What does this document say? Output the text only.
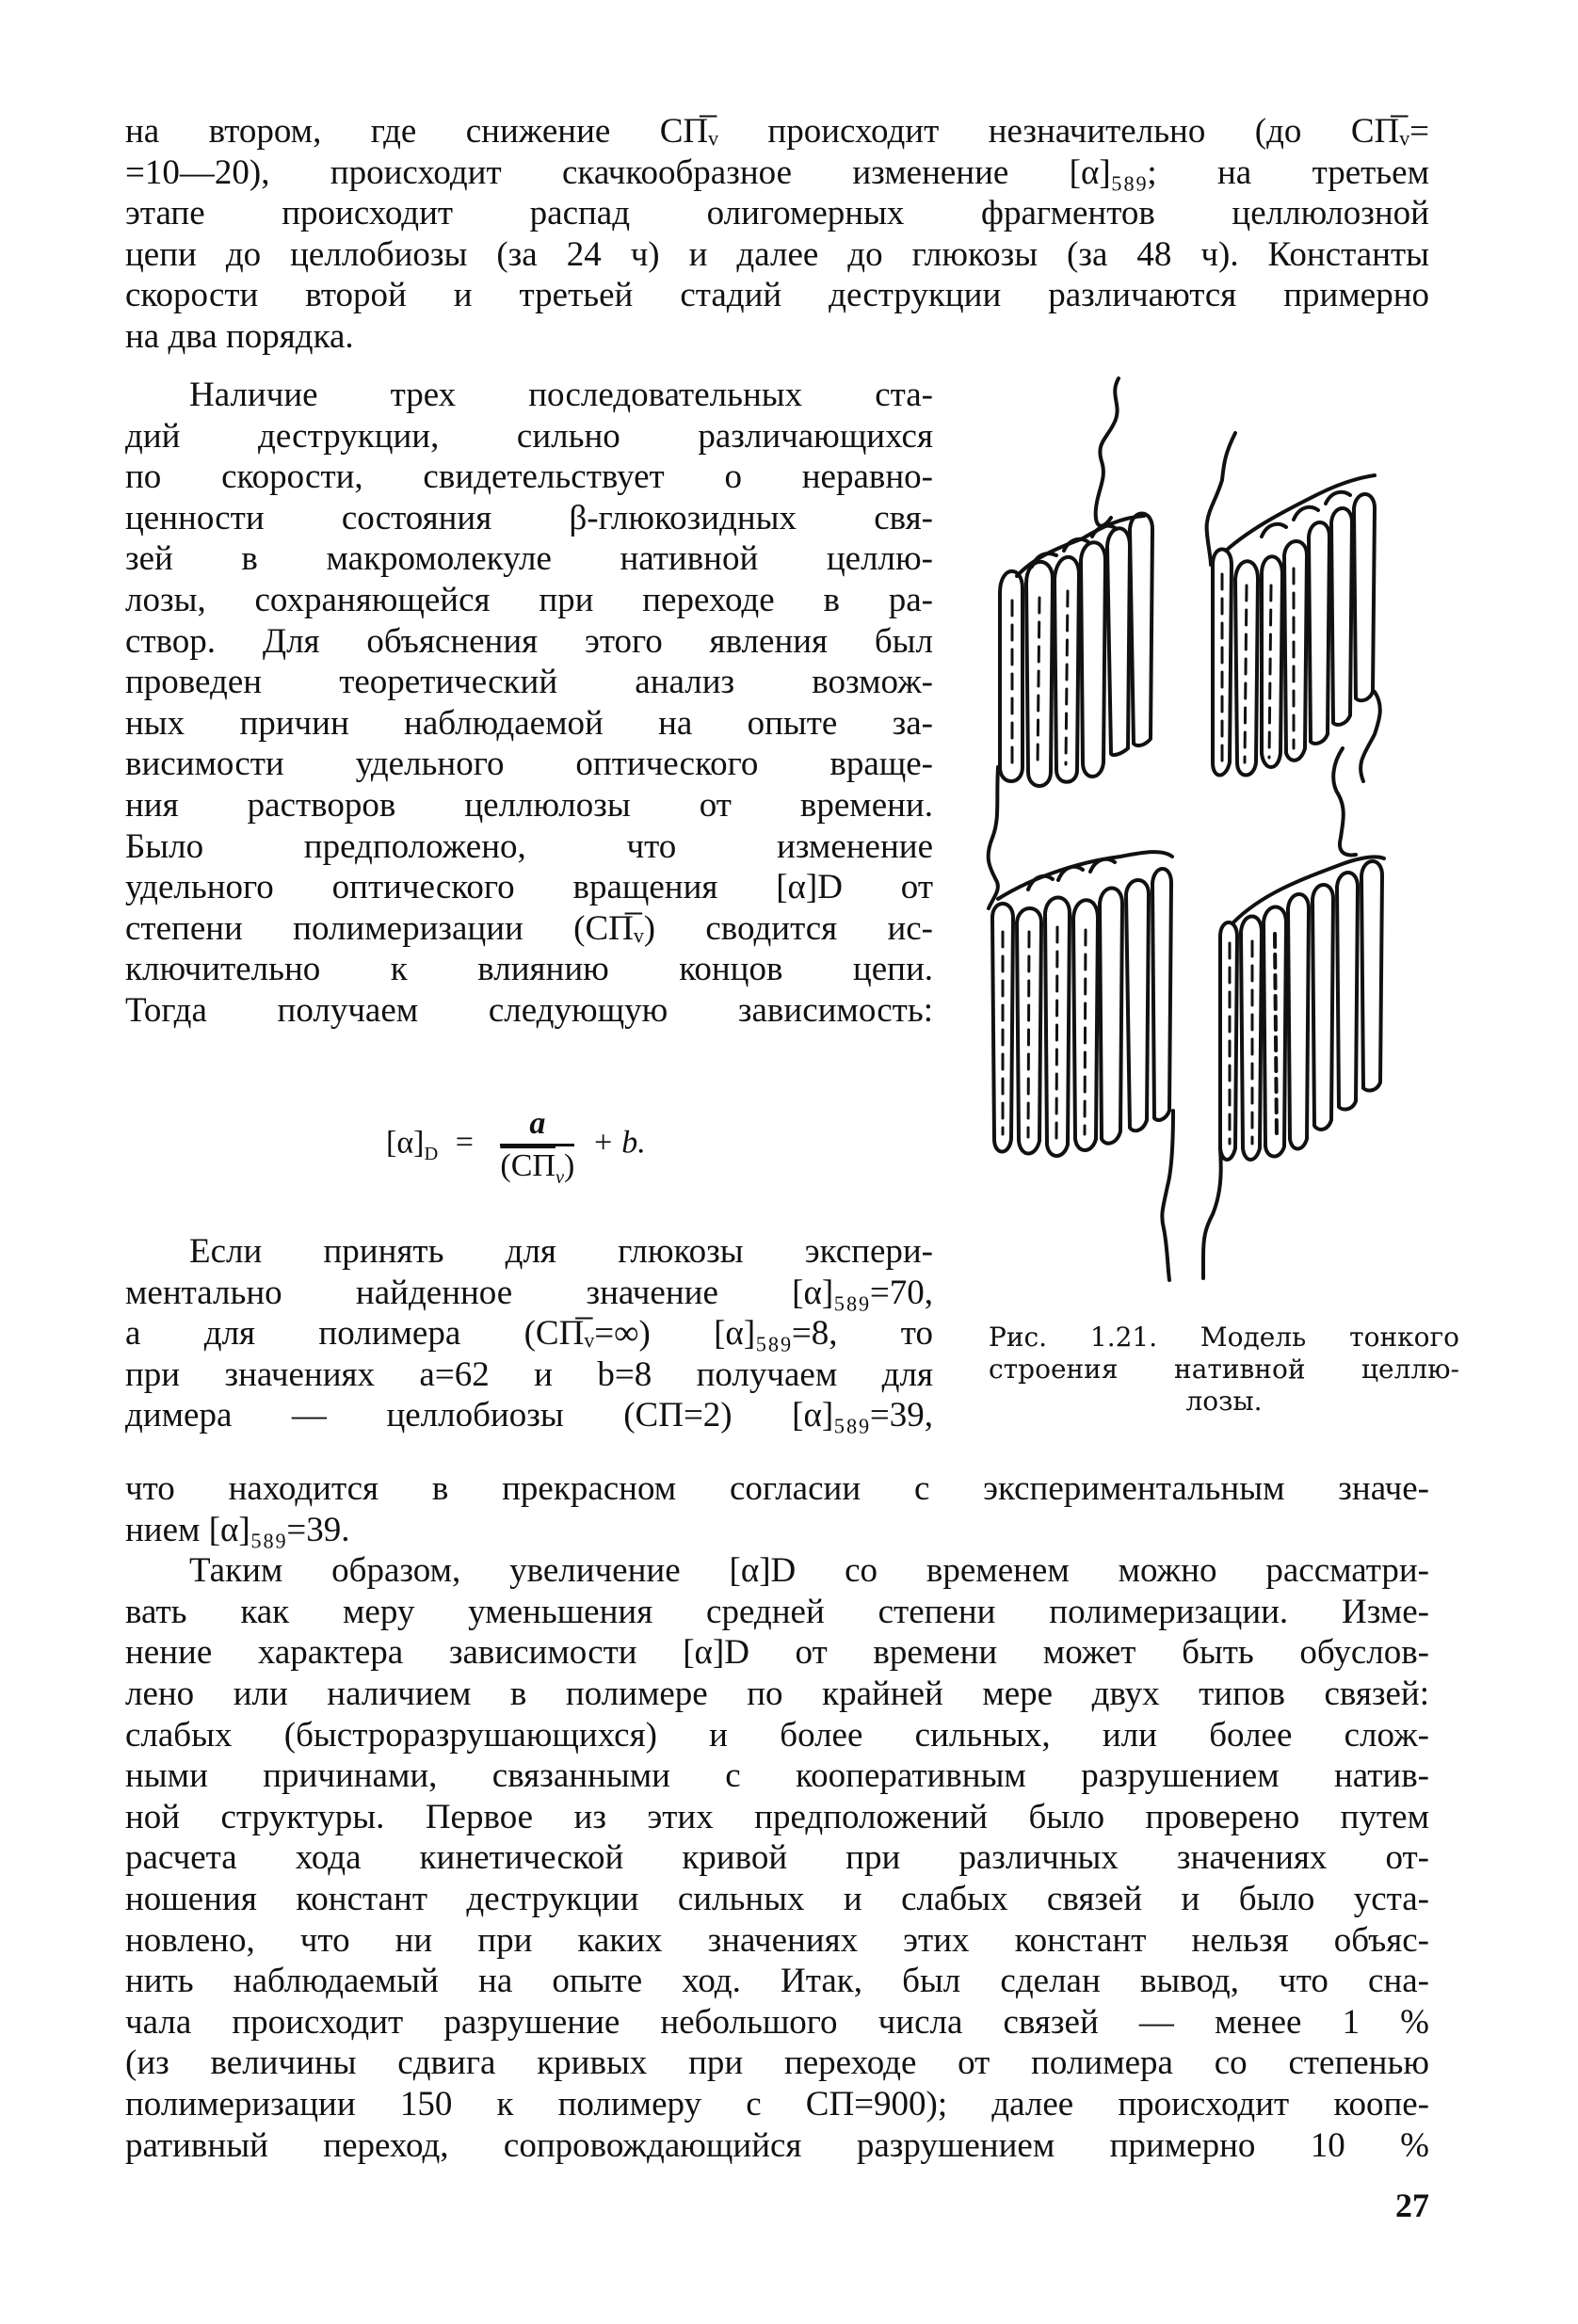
на втором, где снижение СП̅ᵥ происходит незначительно (до СП̅ᵥ=
=10—20), происходит скачкообразное изменение [α]₅₈₉; на третьем
этапе происходит распад олигомерных фрагментов целлюлозной
цепи до целлобиозы (за 24 ч) и далее до глюкозы (за 48 ч). Константы
скорости второй и третьей стадий деструкции различаются примерно
на два порядка.
Наличие трех последовательных ста-
дий деструкции, сильно различающихся
по скорости, свидетельствует о неравно-
ценности состояния β-глюкозидных свя-
зей в макромолекуле нативной целлю-
лозы, сохраняющейся при переходе в ра-
створ. Для объяснения этого явления был
проведен теоретический анализ возмож-
ных причин наблюдаемой на опыте за-
висимости удельного оптического враще-
ния растворов целлюлозы от времени.
Было предположено, что изменение
удельного оптического вращения [α]D от
степени полимеризации (СП̅ᵥ) сводится ис-
ключительно к влиянию концов цепи.
Тогда получаем следующую зависимость:
$[\alpha]_D = \frac{a}{(СП_v)} + b$.
Если принять для глюкозы экспери-
ментально найденное значение [α]₅₈₉=70,
а для полимера (СП̅ᵥ=∞) [α]₅₈₉=8, то
при значениях a=62 и b=8 получаем для
димера — целлобиозы (СП=2) [α]₅₈₉=39,
что находится в прекрасном согласии с экспериментальным значе-
нием [α]₅₈₉=39.
Таким образом, увеличение [α]D со временем можно рассматри-
вать как меру уменьшения средней степени полимеризации. Изме-
нение характера зависимости [α]D от времени может быть обуслов-
лено или наличием в полимере по крайней мере двух типов связей:
слабых (быстроразрушающихся) и более сильных, или более слож-
ными причинами, связанными с кооперативным разрушением натив-
ной структуры. Первое из этих предположений было проверено путем
расчета хода кинетической кривой при различных значениях от-
ношения констант деструкции сильных и слабых связей и было уста-
новлено, что ни при каких значениях этих констант нельзя объяс-
нить наблюдаемый на опыте ход. Итак, был сделан вывод, что сна-
чала происходит разрушение небольшого числа связей — менее 1 %
(из величины сдвига кривых при переходе от полимера со степенью
полимеризации 150 к полимеру с СП=900); далее происходит коопе-
ративный переход, сопровождающийся разрушением примерно 10 %
Рис. 1.21. Модель тонкого
строения нативной целлю-
лозы.
27
